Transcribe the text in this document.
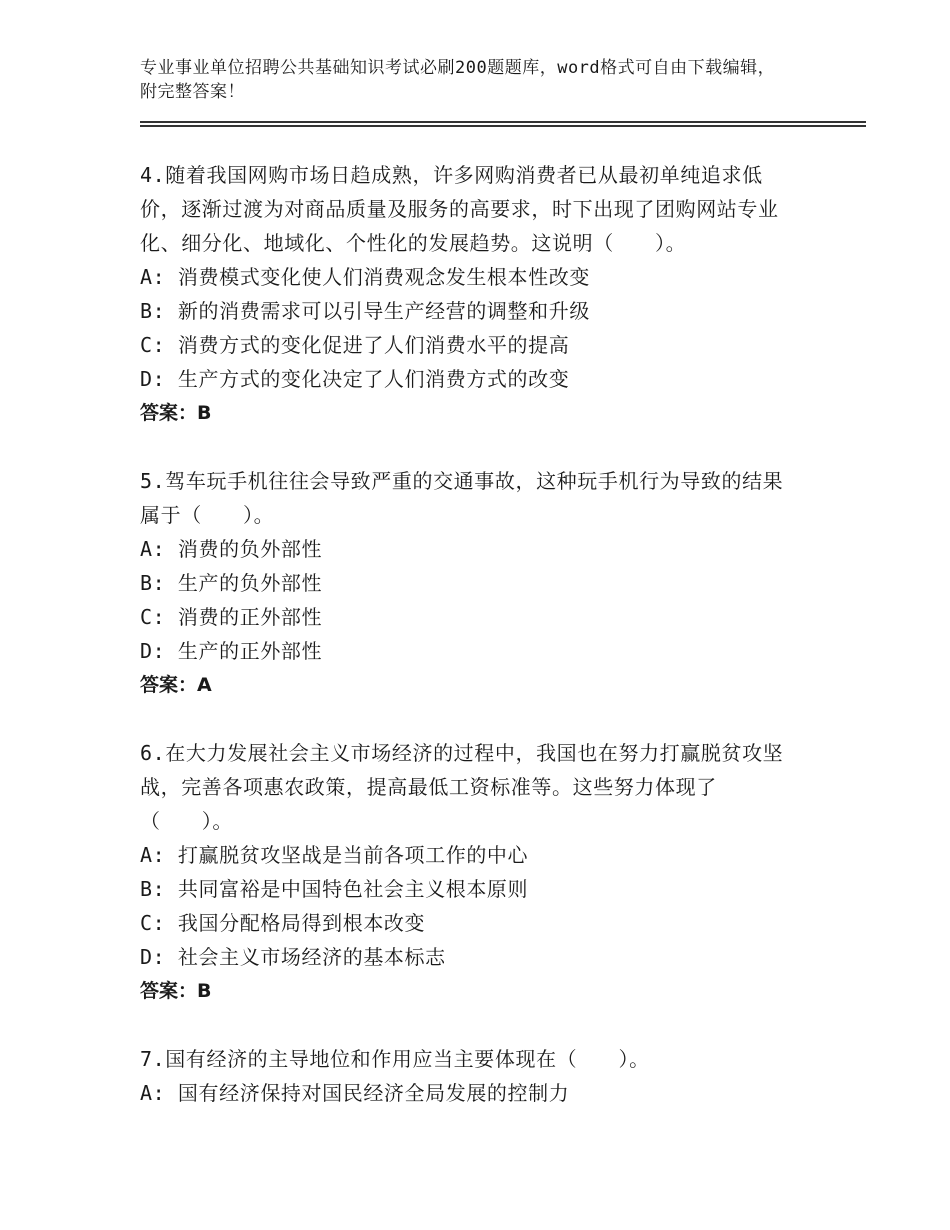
专业事业单位招聘公共基础知识考试必刷200题题库，word格式可自由下载编辑，附完整答案！

4.随着我国网购市场日趋成熟，许多网购消费者已从最初单纯追求低价，逐渐过渡为对商品质量及服务的高要求，时下出现了团购网站专业化、细分化、地域化、个性化的发展趋势。这说明（　　）。

A: 消费模式变化使人们消费观念发生根本性改变

B: 新的消费需求可以引导生产经营的调整和升级

C: 消费方式的变化促进了人们消费水平的提高

D: 生产方式的变化决定了人们消费方式的改变

答案：B

5.驾车玩手机往往会导致严重的交通事故，这种玩手机行为导致的结果属于（　　）。

A: 消费的负外部性

B: 生产的负外部性

C: 消费的正外部性

D: 生产的正外部性

答案：A

6.在大力发展社会主义市场经济的过程中，我国也在努力打赢脱贫攻坚战，完善各项惠农政策，提高最低工资标准等。这些努力体现了（　　）。

A: 打赢脱贫攻坚战是当前各项工作的中心

B: 共同富裕是中国特色社会主义根本原则

C: 我国分配格局得到根本改变

D: 社会主义市场经济的基本标志

答案：B

7.国有经济的主导地位和作用应当主要体现在（　　）。

A: 国有经济保持对国民经济全局发展的控制力
